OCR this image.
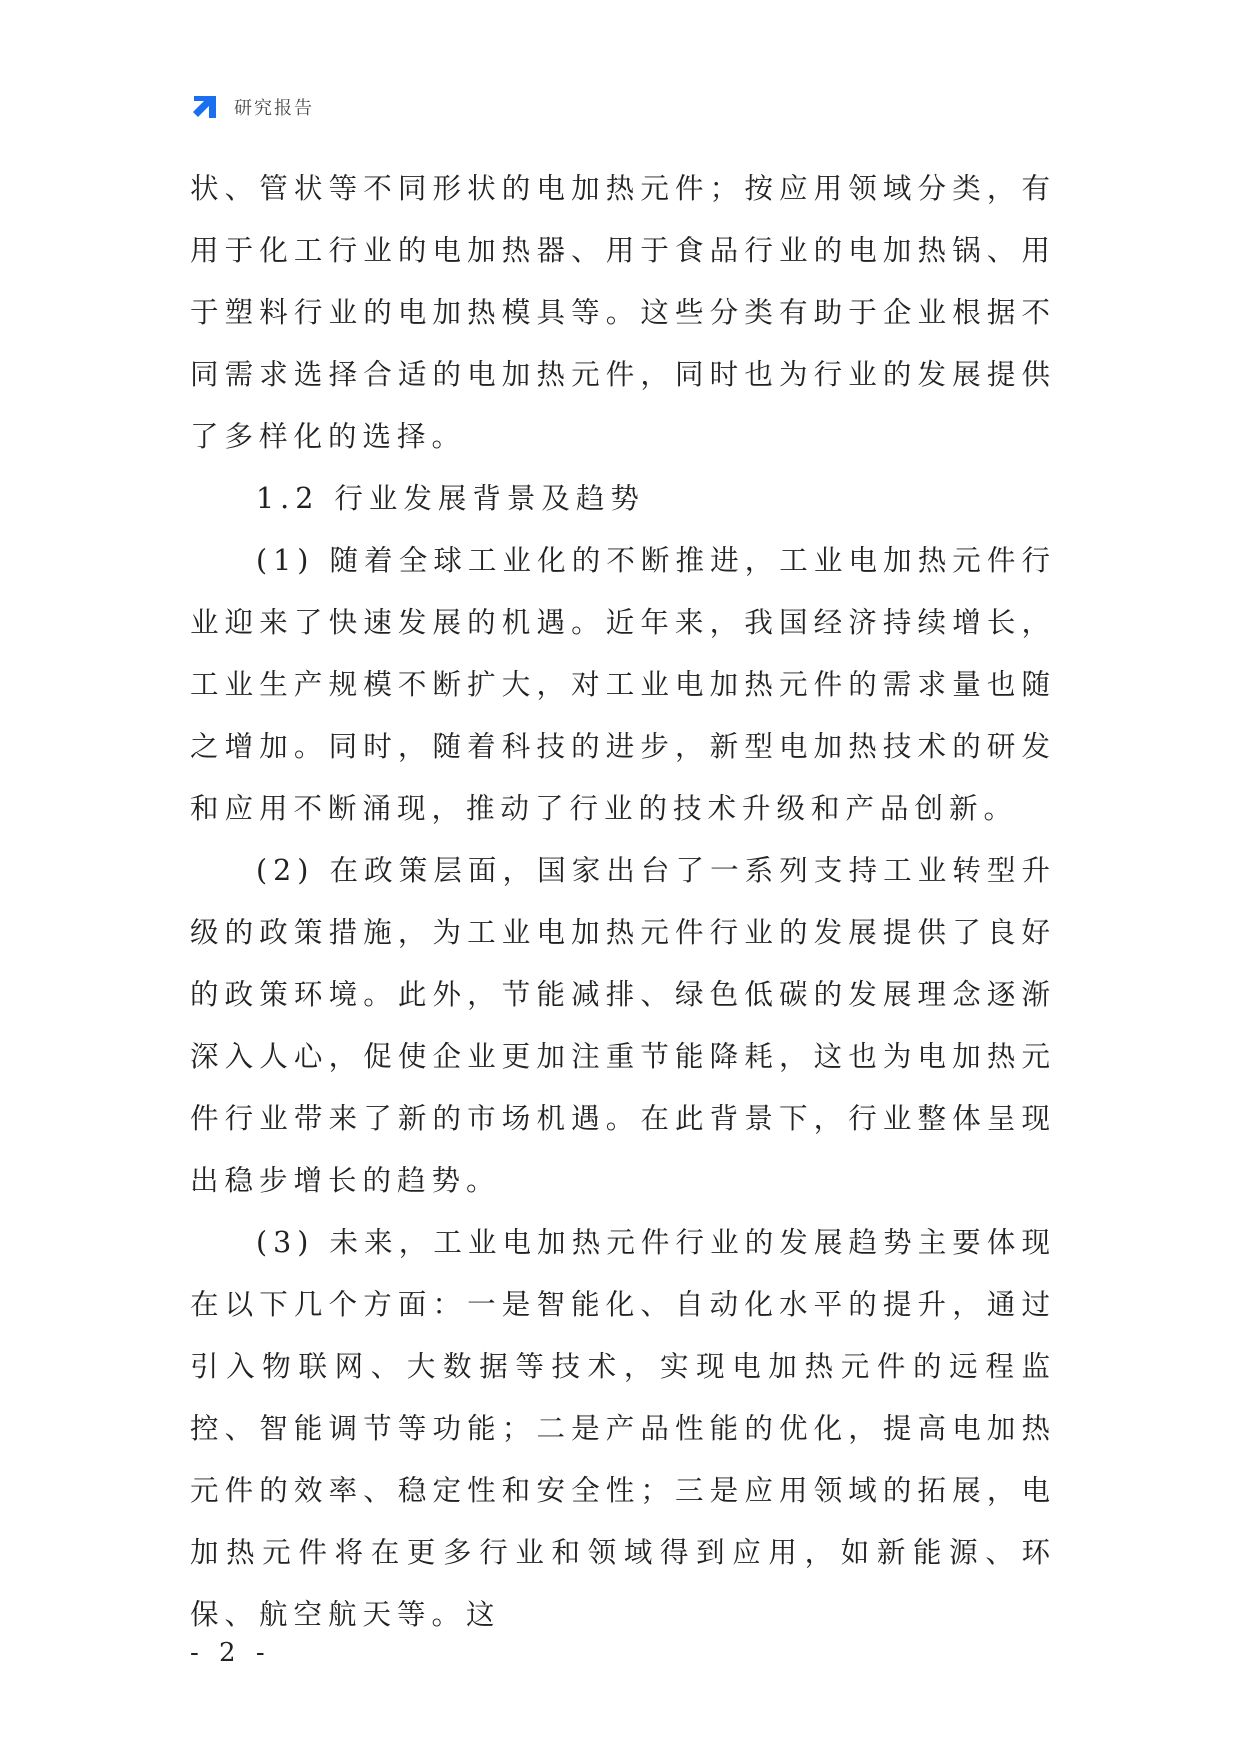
研究报告

状、管状等不同形状的电加热元件；按应用领域分类，有用于化工行业的电加热器、用于食品行业的电加热锅、用于塑料行业的电加热模具等。这些分类有助于企业根据不同需求选择合适的电加热元件，同时也为行业的发展提供了多样化的选择。

1.2 行业发展背景及趋势

(1) 随着全球工业化的不断推进，工业电加热元件行业迎来了快速发展的机遇。近年来，我国经济持续增长，工业生产规模不断扩大，对工业电加热元件的需求量也随之增加。同时，随着科技的进步，新型电加热技术的研发和应用不断涌现，推动了行业的技术升级和产品创新。

(2) 在政策层面，国家出台了一系列支持工业转型升级的政策措施，为工业电加热元件行业的发展提供了良好的政策环境。此外，节能减排、绿色低碳的发展理念逐渐深入人心，促使企业更加注重节能降耗，这也为电加热元件行业带来了新的市场机遇。在此背景下，行业整体呈现出稳步增长的趋势。

(3) 未来，工业电加热元件行业的发展趋势主要体现在以下几个方面：一是智能化、自动化水平的提升，通过引入物联网、大数据等技术，实现电加热元件的远程监控、智能调节等功能；二是产品性能的优化，提高电加热元件的效率、稳定性和安全性；三是应用领域的拓展，电加热元件将在更多行业和领域得到应用，如新能源、环保、航空航天等。这

- 2 -
